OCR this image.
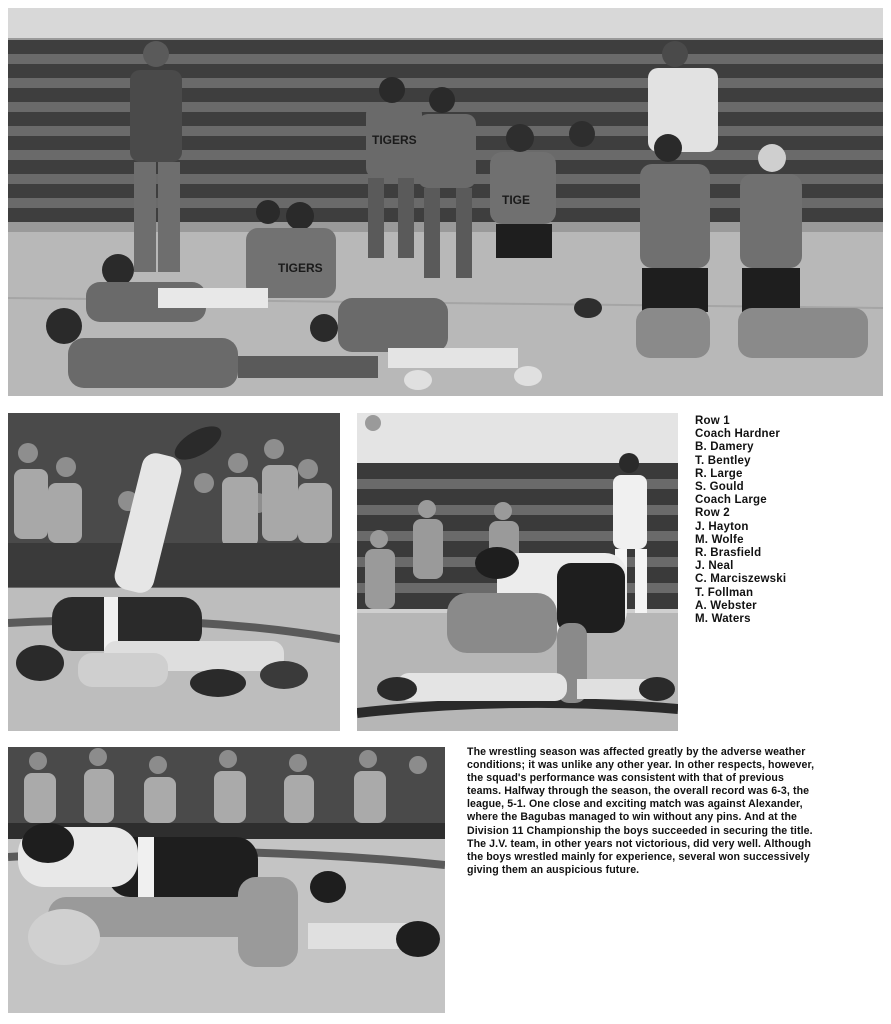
TIGERS
TIGE
TIGERS
Row 1
Coach Hardner
B. Damery
T. Bentley
R. Large
S. Gould
Coach Large
Row 2
J. Hayton
M. Wolfe
R. Brasfield
J. Neal
C. Marciszewski
T. Follman
A. Webster
M. Waters
The wrestling season was affected greatly by the adverse weather conditions; it was unlike any other year. In other respects, however, the squad's performance was consistent with that of previous teams. Halfway through the season, the overall record was 6-3, the league, 5-1. One close and exciting match was against Alexander, where the Bagubas managed to win without any pins. And at the Division 11 Championship the boys succeeded in securing the title. The J.V. team, in other years not victorious, did very well. Although the boys wrestled mainly for experience, several won successively giving them an auspicious future.
